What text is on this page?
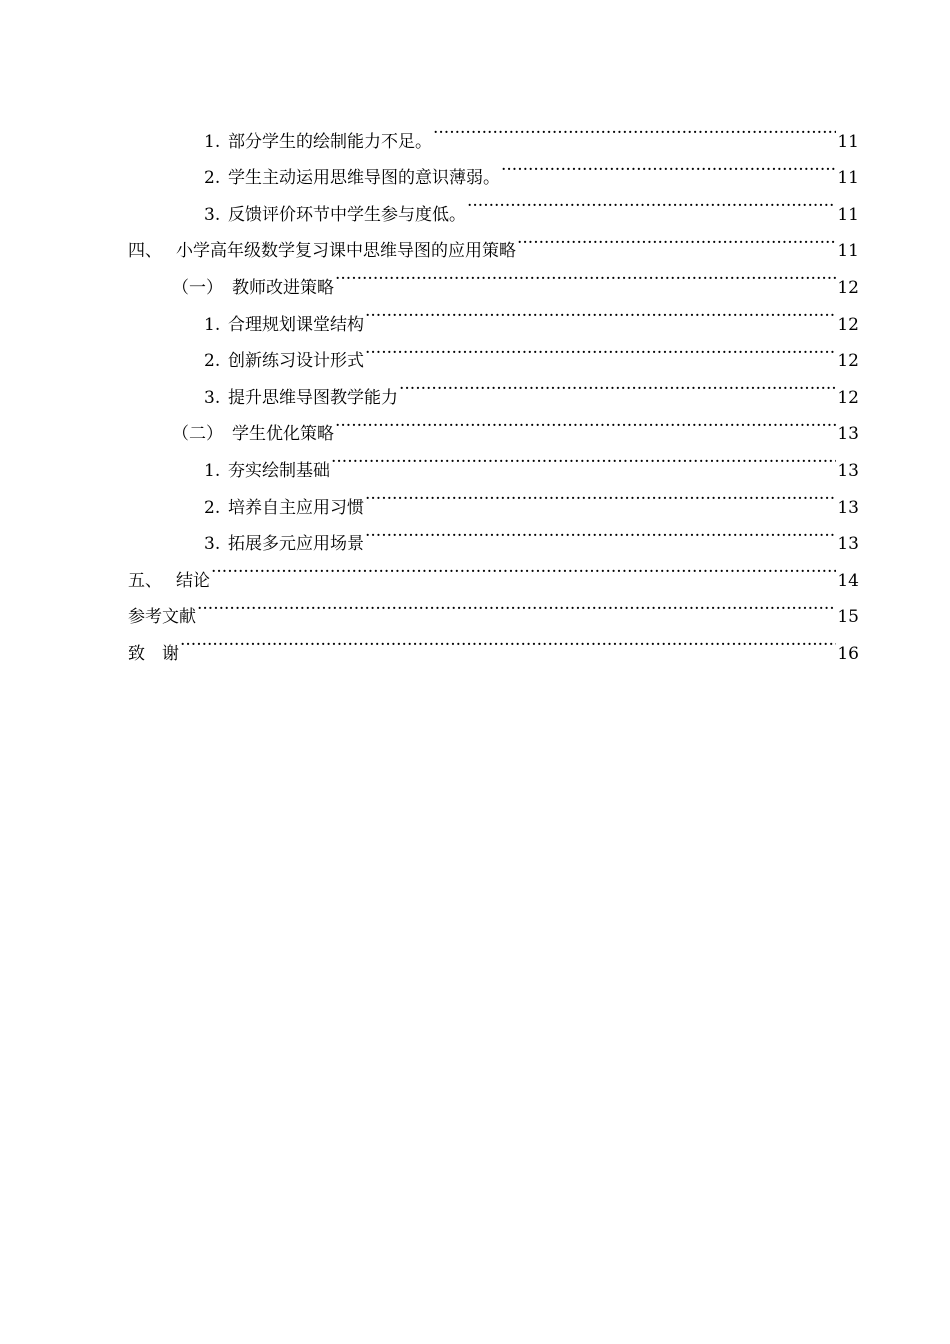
1. 部分学生的绘制能力不足。 .....	11
2. 学生主动运用思维导图的意识薄弱。 .....	11
3. 反馈评价环节中学生参与度低。 .....	11
四、 小学高年级数学复习课中思维导图的应用策略 .....	11
（一） 教师改进策略 .....	12
1. 合理规划课堂结构 .....	12
2. 创新练习设计形式 .....	12
3. 提升思维导图教学能力 .....	12
（二） 学生优化策略 .....	13
1. 夯实绘制基础 .....	13
2. 培养自主应用习惯 .....	13
3. 拓展多元应用场景 .....	13
五、 结论 .....	14
参考文献 .....	15
致　谢 .....	16
